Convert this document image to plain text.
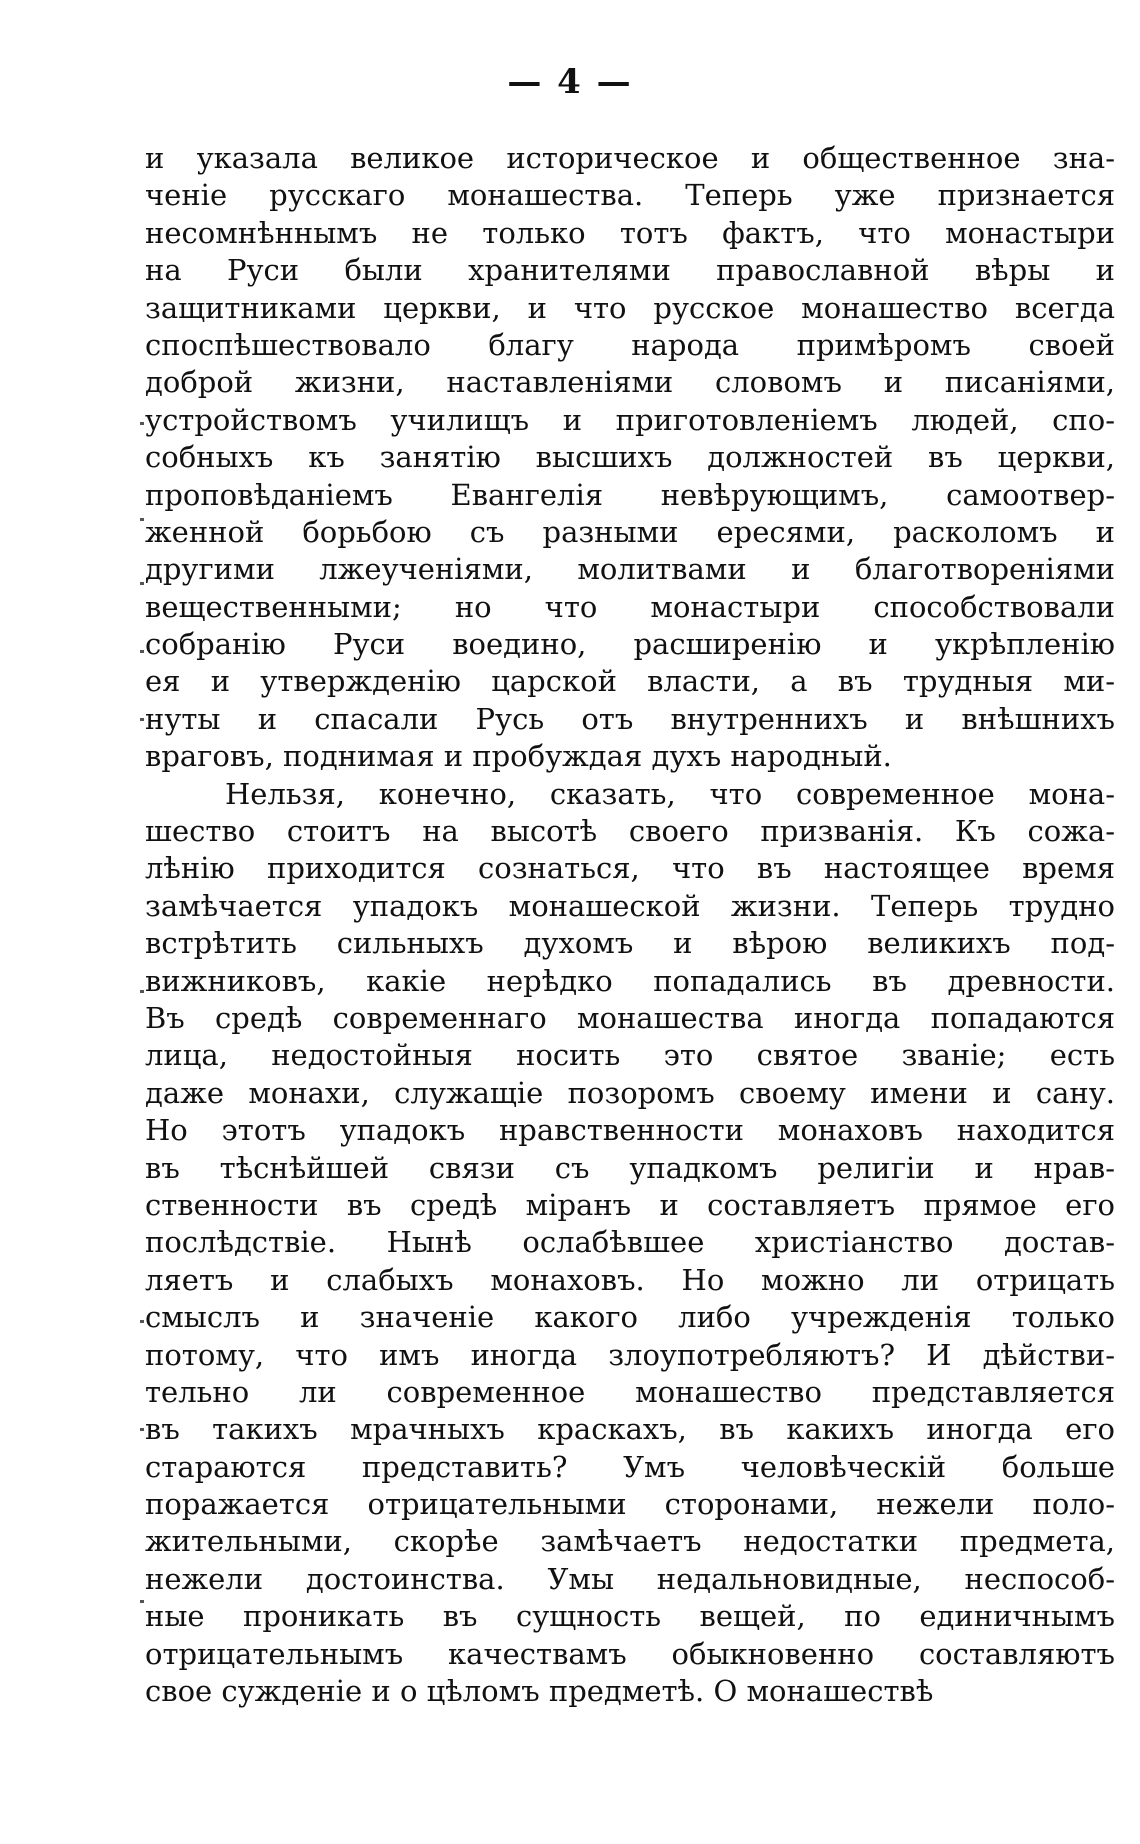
— 4 —
и указала великое историческое и общественное зна-
ченіе русскаго монашества. Теперь уже признается
несомнѣннымъ не только тотъ фактъ, что монастыри
на Руси были хранителями православной вѣры и
защитниками церкви, и что русское монашество всегда
споспѣшествовало благу народа примѣромъ своей
доброй жизни, наставленіями словомъ и писаніями,
устройствомъ училищъ и приготовленіемъ людей, спо-
собныхъ къ занятію высшихъ должностей въ церкви,
проповѣданіемъ Евангелія невѣрующимъ, самоотвер-
женной борьбою съ разными ересями, расколомъ и
другими лжеученіями, молитвами и благотвореніями
вещественными; но что монастыри способствовали
собранію Руси воедино, расширенію и укрѣпленію
ея и утвержденію царской власти, а въ трудныя ми-
нуты и спасали Русь отъ внутреннихъ и внѣшнихъ
враговъ, поднимая и пробуждая духъ народный.
Нельзя, конечно, сказать, что современное мона-
шество стоитъ на высотѣ своего призванія. Къ сожа-
лѣнію приходится сознаться, что въ настоящее время
замѣчается упадокъ монашеской жизни. Теперь трудно
встрѣтить сильныхъ духомъ и вѣрою великихъ под-
вижниковъ, какіе нерѣдко попадались въ древности.
Въ средѣ современнаго монашества иногда попадаются
лица, недостойныя носить это святое званіе; есть
даже монахи, служащіе позоромъ своему имени и сану.
Но этотъ упадокъ нравственности монаховъ находится
въ тѣснѣйшей связи съ упадкомъ религіи и нрав-
ственности въ средѣ міранъ и составляетъ прямое его
послѣдствіе. Нынѣ ослабѣвшее христіанство достав-
ляетъ и слабыхъ монаховъ. Но можно ли отрицать
смыслъ и значеніе какого либо учрежденія только
потому, что имъ иногда злоупотребляютъ? И дѣйстви-
тельно ли современное монашество представляется
въ такихъ мрачныхъ краскахъ, въ какихъ иногда его
стараются представить? Умъ человѣческій больше
поражается отрицательными сторонами, нежели поло-
жительными, скорѣе замѣчаетъ недостатки предмета,
нежели достоинства. Умы недальновидные, неспособ-
ные проникать въ сущность вещей, по единичнымъ
отрицательнымъ качествамъ обыкновенно составляютъ
свое сужденіе и о цѣломъ предметѣ. О монашествѣ
